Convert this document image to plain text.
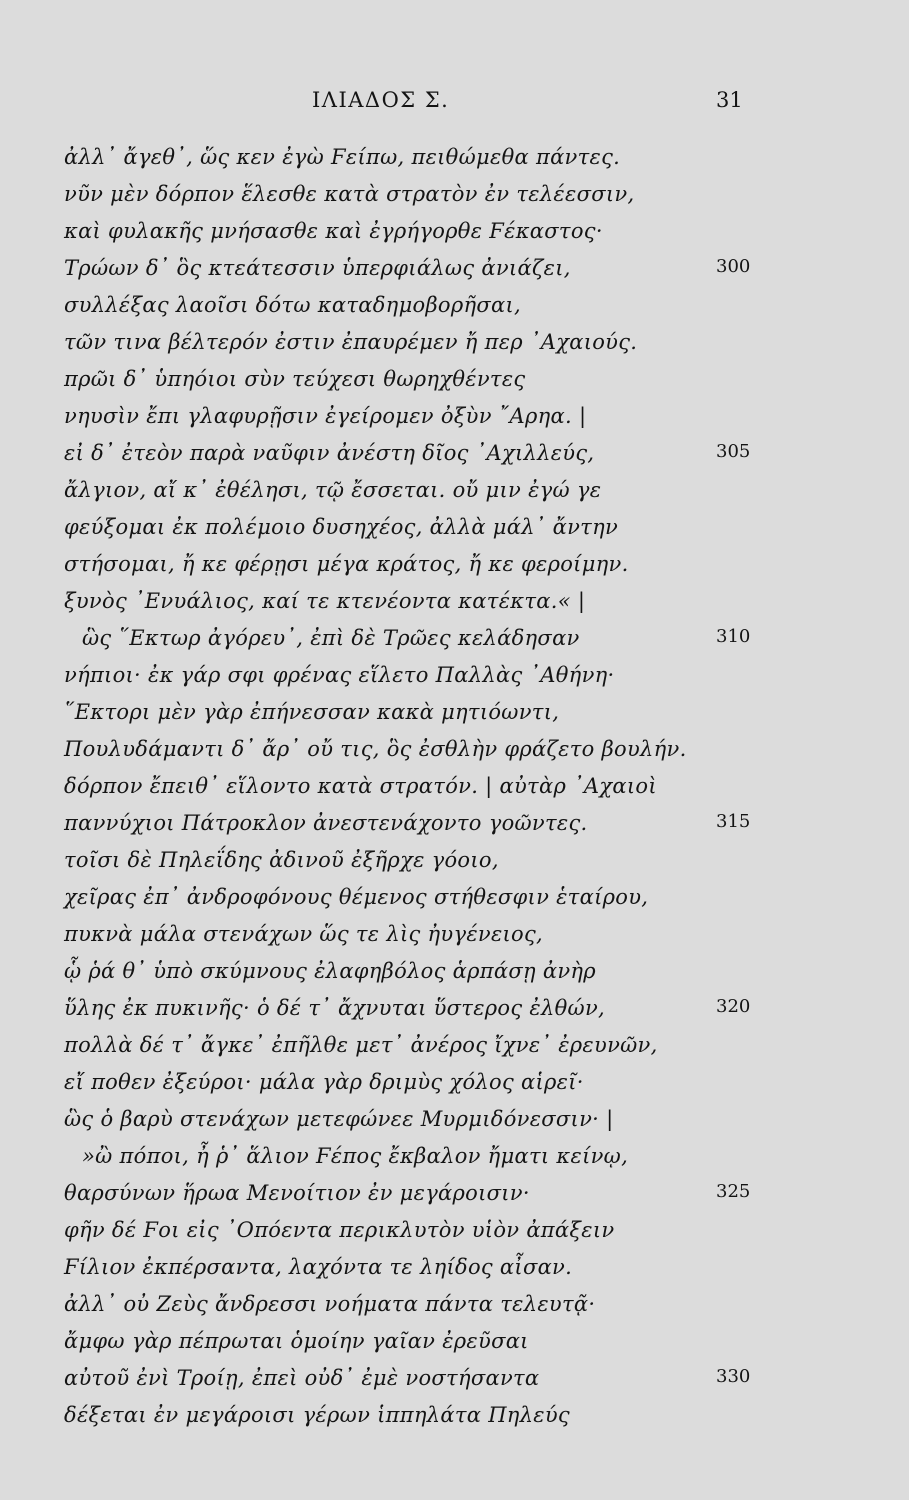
ΙΛΙΑΔΟΣ Σ.	31
ἀλλ᾽ ἄγεθ᾽, ὥς κεν ἐγὼ Ϝείπω, πειθώμεθα πάντες.
νῦν μὲν δόρπον ἕλεσθε κατὰ στρατὸν ἐν τελέεσσιν,
καὶ φυλακῆς μνήσασθε καὶ ἐγρήγορθε Ϝέκαστος·
Τρώων δ᾽ ὃς κτεάτεσσιν ὑπερφιάλως ἀνιάζει,	300
συλλέξας λαοῖσι δότω καταδημοβορῆσαι,
τῶν τινα βέλτερόν ἐστιν ἐπαυρέμεν ἤ περ ᾽Αχαιούς.
πρῶι δ᾽ ὑπηόιοι σὺν τεύχεσι θωρηχθέντες
νηυσὶν ἔπι γλαφυρῇσιν ἐγείρομεν ὀξὺν ῎Αρηα. |
εἰ δ᾽ ἐτεὸν παρὰ ναῦφιν ἀνέστη δῖος ᾽Αχιλλεύς,	305
ἄλγιον, αἴ κ᾽ ἐθέλησι, τῷ ἔσσεται. οὔ μιν ἐγώ γε
φεύξομαι ἐκ πολέμοιο δυσηχέος, ἀλλὰ μάλ᾽ ἄντην
στήσομαι, ἤ κε φέρῃσι μέγα κράτος, ἤ κε φεροίμην.
ξυνὸς ᾽Ενυάλιος, καί τε κτενέοντα κατέκτα.« |
ὣς ῞Εκτωρ ἀγόρευ᾽, ἐπὶ δὲ Τρῶες κελάδησαν	310
νήπιοι· ἐκ γάρ σφι φρένας εἵλετο Παλλὰς ᾽Αθήνη·
῞Εκτορι μὲν γὰρ ἐπήνεσσαν κακὰ μητιόωντι,
Πουλυδάμαντι δ᾽ ἄρ᾽ οὔ τις, ὃς ἐσθλὴν φράζετο βουλήν.
δόρπον ἔπειθ᾽ εἵλοντο κατὰ στρατόν. | αὐτὰρ ᾽Αχαιοὶ
παννύχιοι Πάτροκλον ἀνεστενάχοντο γοῶντες.	315
τοῖσι δὲ Πηλεΐδης ἀδινοῦ ἐξῆρχε γόοιο,
χεῖρας ἐπ᾽ ἀνδροφόνους θέμενος στήθεσφιν ἑταίρου,
πυκνὰ μάλα στενάχων ὥς τε λὶς ἠυγένειος,
ᾧ ῥά θ᾽ ὑπὸ σκύμνους ἐλαφηβόλος ἁρπάσῃ ἀνὴρ
ὕλης ἐκ πυκινῆς· ὁ δέ τ᾽ ἄχνυται ὕστερος ἐλθών,	320
πολλὰ δέ τ᾽ ἄγκε᾽ ἐπῆλθε μετ᾽ ἀνέρος ἴχνε᾽ ἐρευνῶν,
εἴ ποθεν ἐξεύροι· μάλα γὰρ δριμὺς χόλος αἱρεῖ·
ὣς ὁ βαρὺ στενάχων μετεφώνεε Μυρμιδόνεσσιν· |
»ὢ πόποι, ἦ ῥ᾽ ἅλιον Ϝέπος ἔκβαλον ἤματι κείνῳ,
θαρσύνων ἥρωα Μενοίτιον ἐν μεγάροισιν·	325
φῆν δέ Ϝοι εἰς ᾽Οπόεντα περικλυτὸν υἱὸν ἀπάξειν
Ϝίλιον ἐκπέρσαντα, λαχόντα τε ληίδος αἶσαν.
ἀλλ᾽ οὐ Ζεὺς ἄνδρεσσι νοήματα πάντα τελευτᾷ·
ἄμφω γὰρ πέπρωται ὁμοίην γαῖαν ἐρεῦσαι
αὐτοῦ ἐνὶ Τροίῃ, ἐπεὶ οὐδ᾽ ἐμὲ νοστήσαντα	330
δέξεται ἐν μεγάροισι γέρων ἱππηλάτα Πηλεύς
